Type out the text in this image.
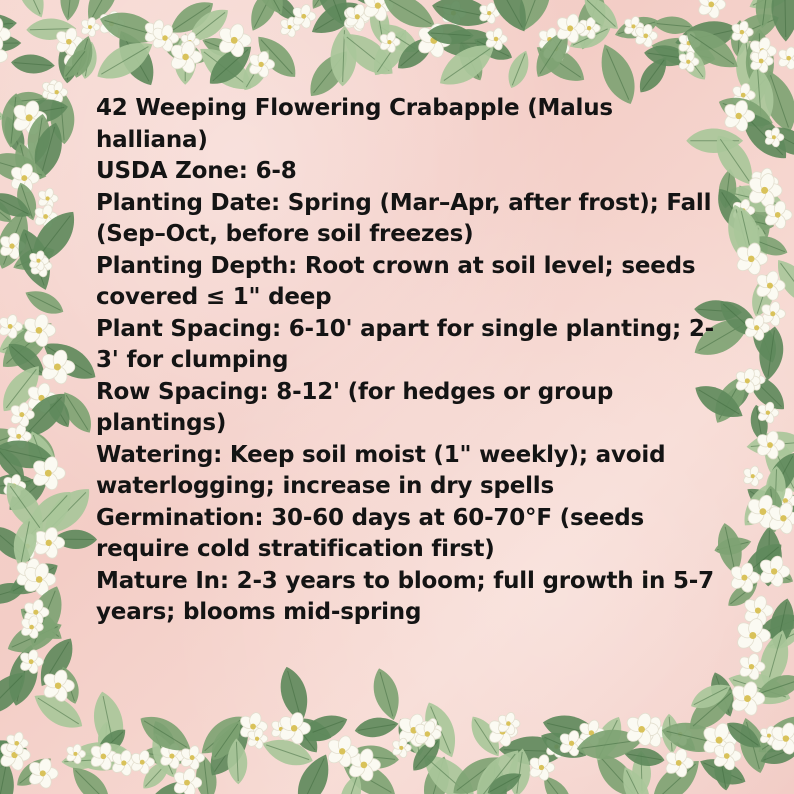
42 Weeping Flowering Crabapple (Malus halliana)
USDA Zone: 6-8
Planting Date: Spring (Mar–Apr, after frost); Fall (Sep–Oct, before soil freezes)
Planting Depth: Root crown at soil level; seeds covered ≤ 1" deep
Plant Spacing: 6-10' apart for single planting; 2-3' for clumping
Row Spacing: 8-12' (for hedges or group plantings)
Watering: Keep soil moist (1" weekly); avoid waterlogging; increase in dry spells
Germination: 30-60 days at 60-70°F (seeds require cold stratification first)
Mature In: 2-3 years to bloom; full growth in 5-7 years; blooms mid-spring
